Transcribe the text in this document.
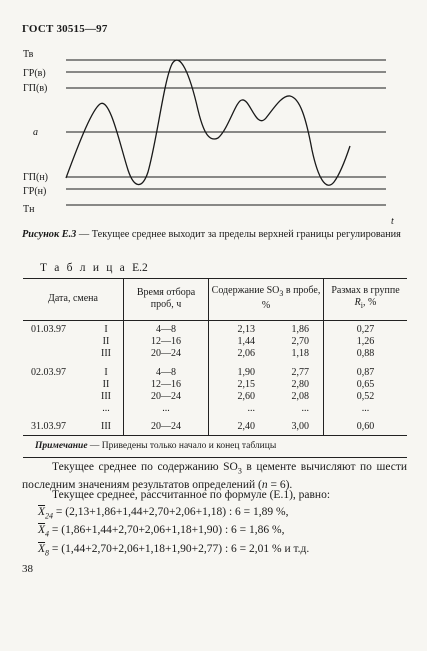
ГОСТ 30515—97
Тв
ГР(в)
ГП(в)
a
ГП(н)
ГР(н)
Тн
t
Рисунок Е.3 — Текущее среднее выходит за пределы верхней границы регулирования
Т а б л и ц а Е.2
Дата, смена		Время отбора проб, ч	Содержание $SO_3$ в пробе, %		Размах в группе $R_i$, %
01.03.97	I	4—8	2,13	1,86	0,27
	II	12—16	1,44	2,70	1,26
	III	20—24	2,06	1,18	0,88
02.03.97	I	4—8	1,90	2,77	0,87
	II	12—16	2,15	2,80	0,65
	III	20—24	2,60	2,08	0,52
	...	...	...	...	...
31.03.97	III	20—24	2,40	3,00	0,60
Примечание — Приведены только начало и конец таблицы					
Текущее среднее по содержанию $SO_3$ в цементе вычисляют по шести последним значениям результатов определений (n = 6).
Текущее среднее, рассчитанное по формуле (Е.1), равно:
$\overline{X}_{24} = (2,13+1,86+1,44+2,70+2,06+1,18)$ : 6 = 1,89 %,
$\overline{X}_4 = (1,86+1,44+2,70+2,06+1,18+1,90)$ : 6 = 1,86 %,
$\overline{X}_8 = (1,44+2,70+2,06+1,18+1,90+2,77)$ : 6 = 2,01 % и т.д.
38
